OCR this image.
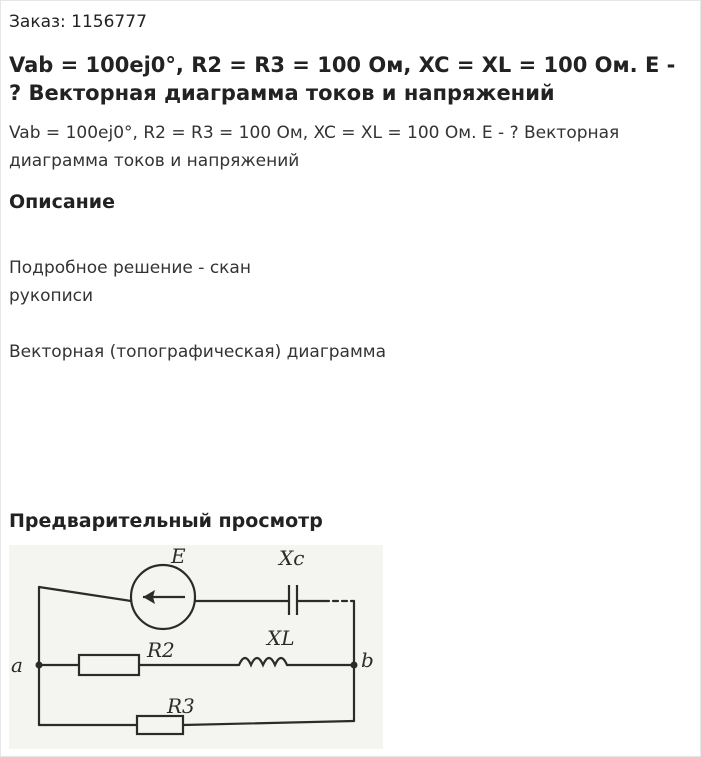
Заказ: 1156777
Vab = 100ej0°, R2 = R3 = 100 Ом, XC = XL = 100 Ом. E - ? Векторная диаграмма токов и напряжений
Vab = 100ej0°, R2 = R3 = 100 Ом, XC = XL = 100 Ом. E - ? Векторная диаграмма токов и напряжений
Описание
Подробное решение - скан рукописи
Векторная (топографическая) диаграмма
Предварительный просмотр
E	Xc
XL
R2
R3
a	b
